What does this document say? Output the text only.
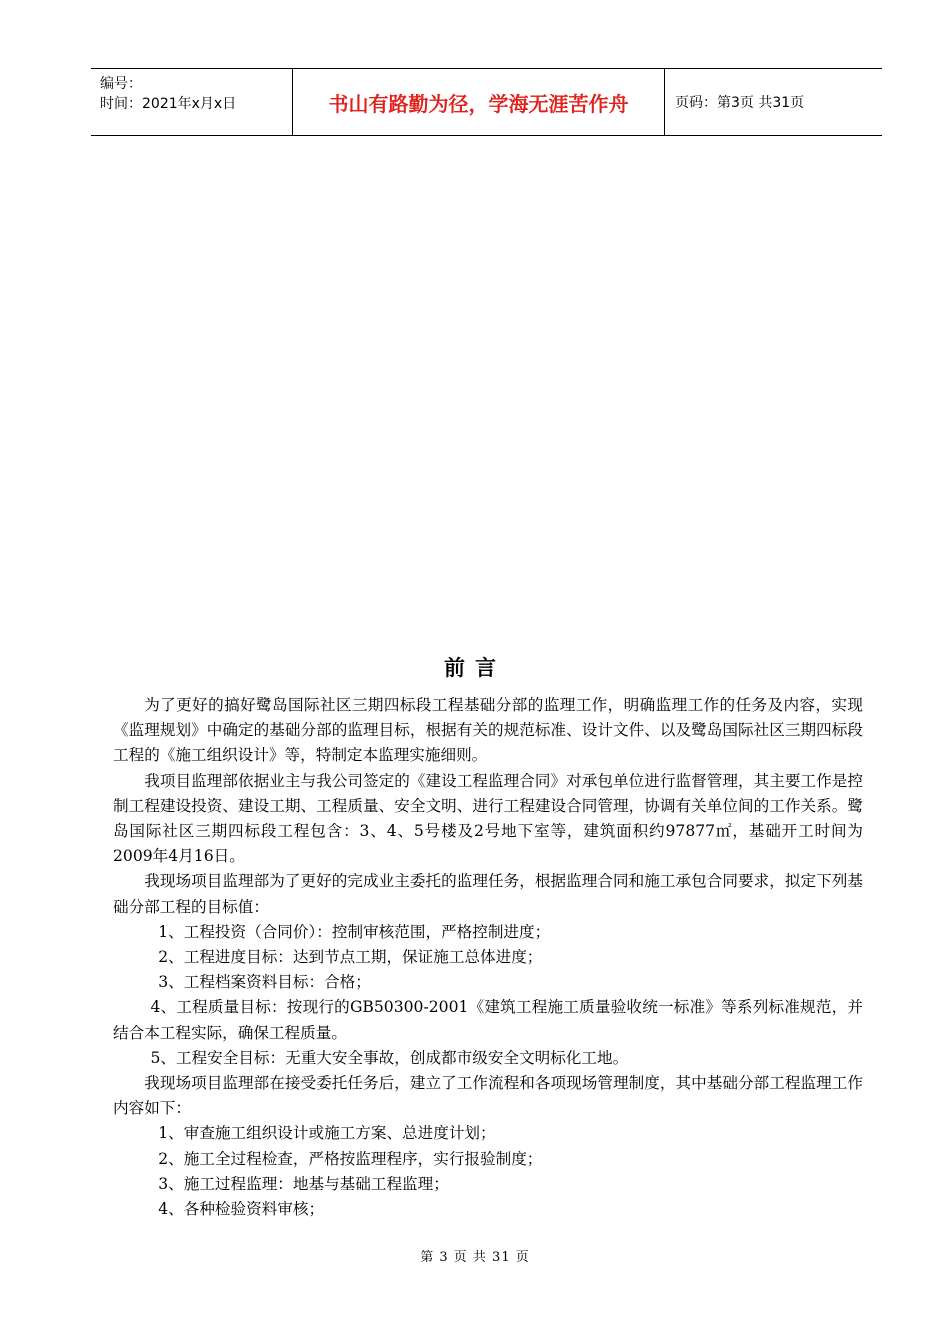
编号：
时间：2021年x月x日	书山有路勤为径，学海无涯苦作舟	页码：第3页 共31页
前言

为了更好的搞好鹭岛国际社区三期四标段工程基础分部的监理工作，明确监理工作的任务及内容，实现《监理规划》中确定的基础分部的监理目标，根据有关的规范标准、设计文件、以及鹭岛国际社区三期四标段工程的《施工组织设计》等，特制定本监理实施细则。

我项目监理部依据业主与我公司签定的《建设工程监理合同》对承包单位进行监督管理，其主要工作是控制工程建设投资、建设工期、工程质量、安全文明、进行工程建设合同管理，协调有关单位间的工作关系。鹭岛国际社区三期四标段工程包含：3、4、5号楼及2号地下室等，建筑面积约97877㎡，基础开工时间为2009年4月16日。

我现场项目监理部为了更好的完成业主委托的监理任务，根据监理合同和施工承包合同要求，拟定下列基础分部工程的目标值：

1、工程投资（合同价）：控制审核范围，严格控制进度；

2、工程进度目标：达到节点工期，保证施工总体进度；

3、工程档案资料目标：合格；

4、工程质量目标：按现行的GB50300-2001《建筑工程施工质量验收统一标准》等系列标准规范，并结合本工程实际，确保工程质量。

5、工程安全目标：无重大安全事故，创成都市级安全文明标化工地。

我现场项目监理部在接受委托任务后，建立了工作流程和各项现场管理制度，其中基础分部工程监理工作内容如下：

1、审查施工组织设计或施工方案、总进度计划；

2、施工全过程检查，严格按监理程序，实行报验制度；

3、施工过程监理：地基与基础工程监理；

4、各种检验资料审核；

第 3 页 共 31 页
